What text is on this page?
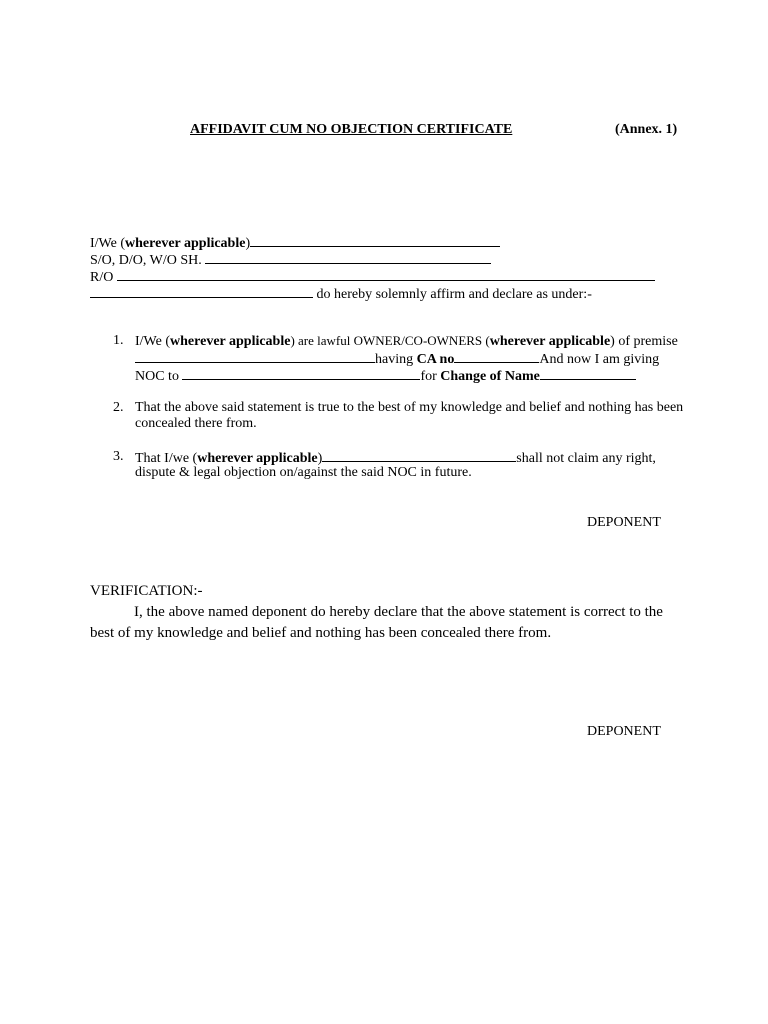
AFFIDAVIT CUM NO OBJECTION CERTIFICATE	(Annex. 1)
I/We (wherever applicable)
S/O, D/O, W/O SH.
R/O
do hereby solemnly affirm and declare as under:-
1. I/We (wherever applicable) are lawful OWNER/CO-OWNERS (wherever applicable) of premise
having CA no	And now I am giving
NOC to	for Change of Name
2. That the above said statement is true to the best of my knowledge and belief and nothing has been
concealed there from.
3. That I/we (wherever applicable)	shall not claim any right,
dispute & legal objection on/against the said NOC in future.
DEPONENT
VERIFICATION:-
I, the above named deponent do hereby declare that the above statement is correct to the
best of my knowledge and belief and nothing has been concealed there from.
DEPONENT
